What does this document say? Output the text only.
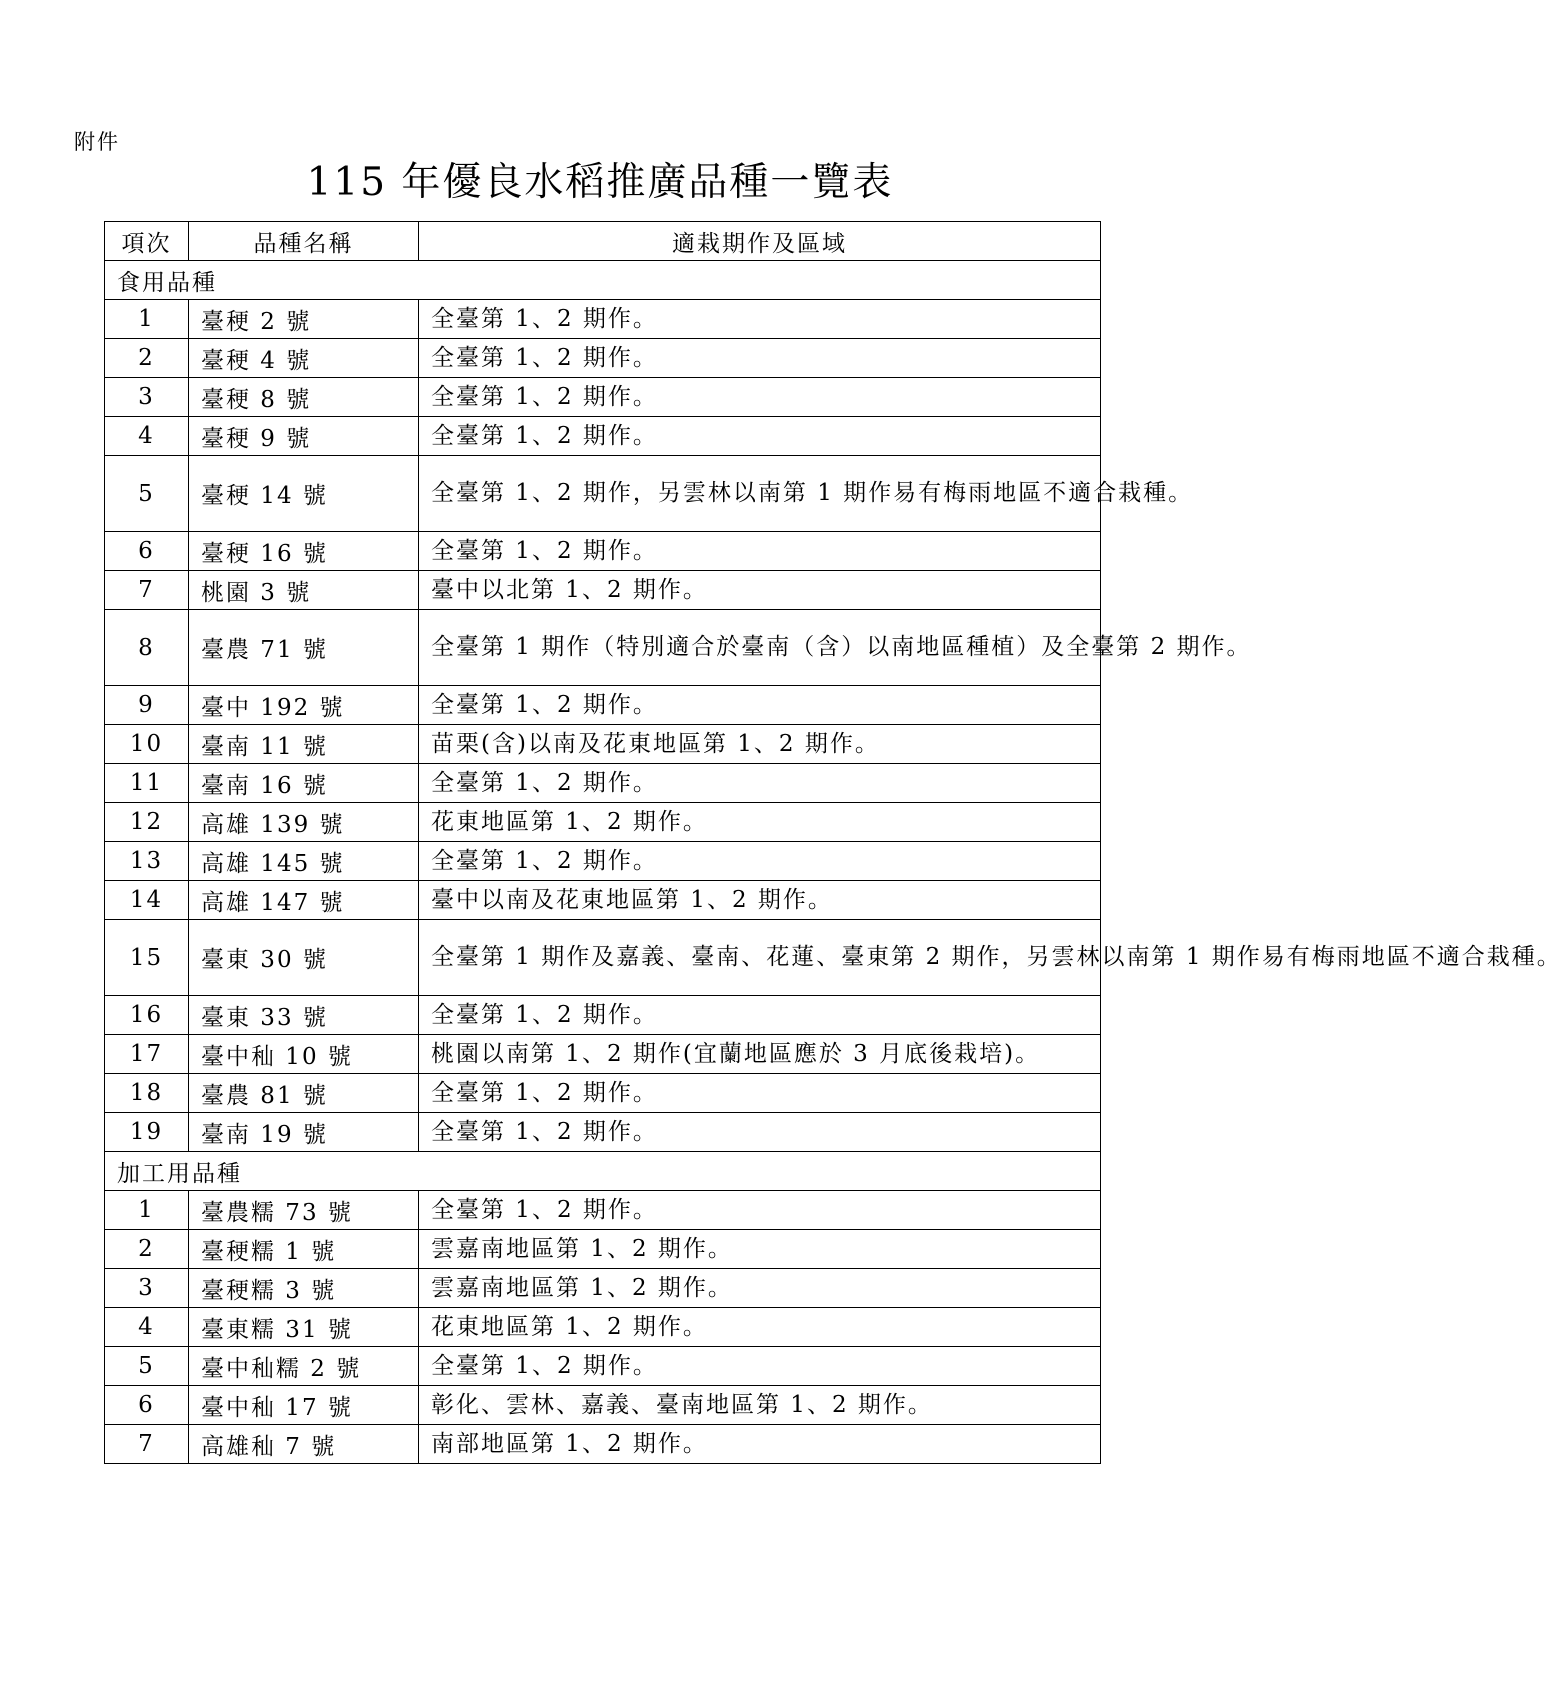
附件
115 年優良水稻推廣品種一覽表
項次	品種名稱	適栽期作及區域
食用品種		
1	臺稉 2 號	全臺第 1、2 期作。
2	臺稉 4 號	全臺第 1、2 期作。
3	臺稉 8 號	全臺第 1、2 期作。
4	臺稉 9 號	全臺第 1、2 期作。
5	臺稉 14 號	全臺第 1、2 期作，另雲林以南第 1 期作易有梅雨地區不適合栽種。
6	臺稉 16 號	全臺第 1、2 期作。
7	桃園 3 號	臺中以北第 1、2 期作。
8	臺農 71 號	全臺第 1 期作（特別適合於臺南（含）以南地區種植）及全臺第 2 期作。
9	臺中 192 號	全臺第 1、2 期作。
10	臺南 11 號	苗栗(含)以南及花東地區第 1、2 期作。
11	臺南 16 號	全臺第 1、2 期作。
12	高雄 139 號	花東地區第 1、2 期作。
13	高雄 145 號	全臺第 1、2 期作。
14	高雄 147 號	臺中以南及花東地區第 1、2 期作。
15	臺東 30 號	全臺第 1 期作及嘉義、臺南、花蓮、臺東第 2 期作，另雲林以南第 1 期作易有梅雨地區不適合栽種。
16	臺東 33 號	全臺第 1、2 期作。
17	臺中秈 10 號	桃園以南第 1、2 期作(宜蘭地區應於 3 月底後栽培)。
18	臺農 81 號	全臺第 1、2 期作。
19	臺南 19 號	全臺第 1、2 期作。
加工用品種		
1	臺農糯 73 號	全臺第 1、2 期作。
2	臺稉糯 1 號	雲嘉南地區第 1、2 期作。
3	臺稉糯 3 號	雲嘉南地區第 1、2 期作。
4	臺東糯 31 號	花東地區第 1、2 期作。
5	臺中秈糯 2 號	全臺第 1、2 期作。
6	臺中秈 17 號	彰化、雲林、嘉義、臺南地區第 1、2 期作。
7	高雄秈 7 號	南部地區第 1、2 期作。
